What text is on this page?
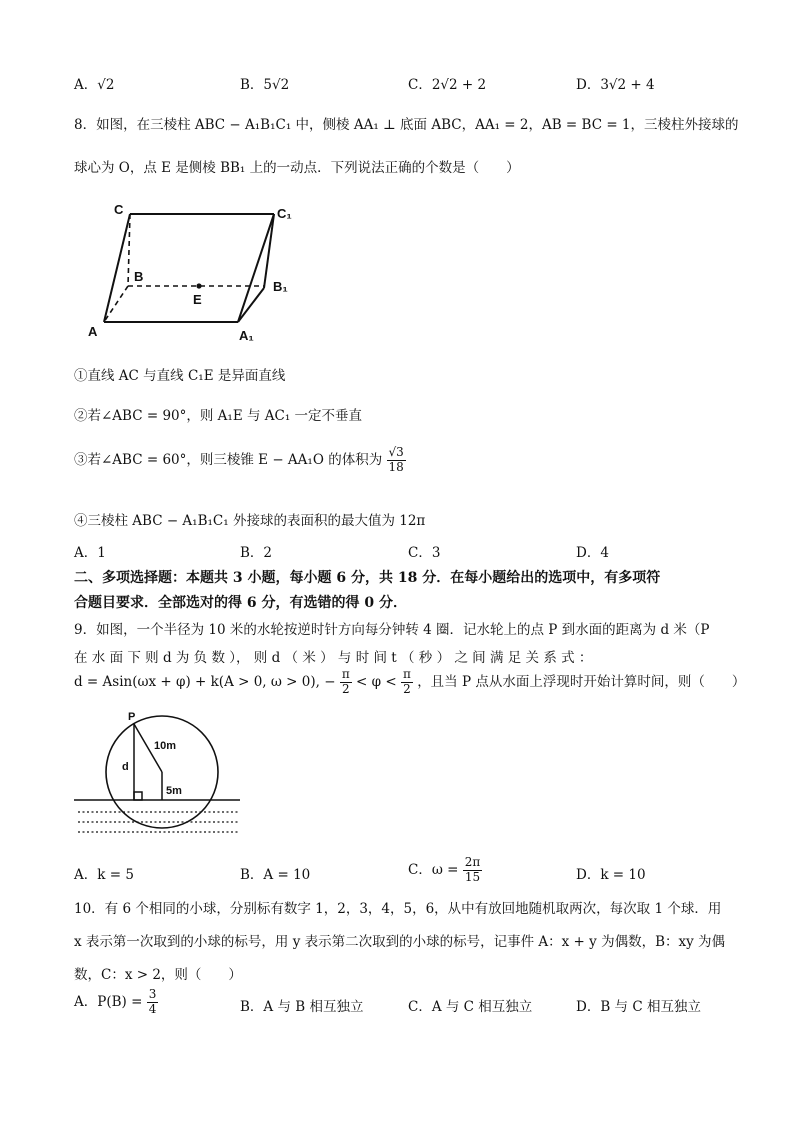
A．√2	B．5√2	C．2√2 + 2	D．3√2 + 4
8．如图，在三棱柱 ABC − A₁B₁C₁ 中，侧棱 AA₁ ⊥ 底面 ABC，AA₁ = 2，AB = BC = 1，三棱柱外接球的
球心为 O，点 E 是侧棱 BB₁ 上的一动点．下列说法正确的个数是（　　）
C	C₁
B
B₁
E
A	A₁
①直线 AC 与直线 C₁E 是异面直线
②若∠ABC = 90°，则 A₁E 与 AC₁ 一定不垂直
③若∠ABC = 60°，则三棱锥 E − AA₁O 的体积为 $\frac{√3}{18}$
④三棱柱 ABC − A₁B₁C₁ 外接球的表面积的最大值为 12π
A．1	B．2	C．3	D．4
二、多项选择题：本题共 3 小题，每小题 6 分，共 18 分．在每小题给出的选项中，有多项符
合题目要求．全部选对的得 6 分，有选错的得 0 分．
9．如图，一个半径为 10 米的水轮按逆时针方向每分钟转 4 圈．记水轮上的点 P 到水面的距离为 d 米（P
在 水 面 下 则 d 为 负 数 ）， 则 d （ 米 ） 与 时 间 t （ 秒 ） 之 间 满 足 关 系 式 ：
d = Asin(ωx + φ) + k(A > 0, ω > 0), − $\frac{\pi}{2} < \varphi < \frac{\pi}{2}$ ，且当 P 点从水面上浮现时开始计算时间，则（　　）
P
10m
d
5m
A．k = 5	B．A = 10	C．$\omega = \frac{2\pi}{15}$	D．k = 10
10．有 6 个相同的小球，分别标有数字 1，2，3，4，5，6，从中有放回地随机取两次，每次取 1 个球．用
x 表示第一次取到的小球的标号，用 y 表示第二次取到的小球的标号，记事件 A：x + y 为偶数，B：xy 为偶
数，C：x > 2，则（　　）
A．$P(B) = \frac{3}{4}$	B．A 与 B 相互独立	C．A 与 C 相互独立	D．B 与 C 相互独立
